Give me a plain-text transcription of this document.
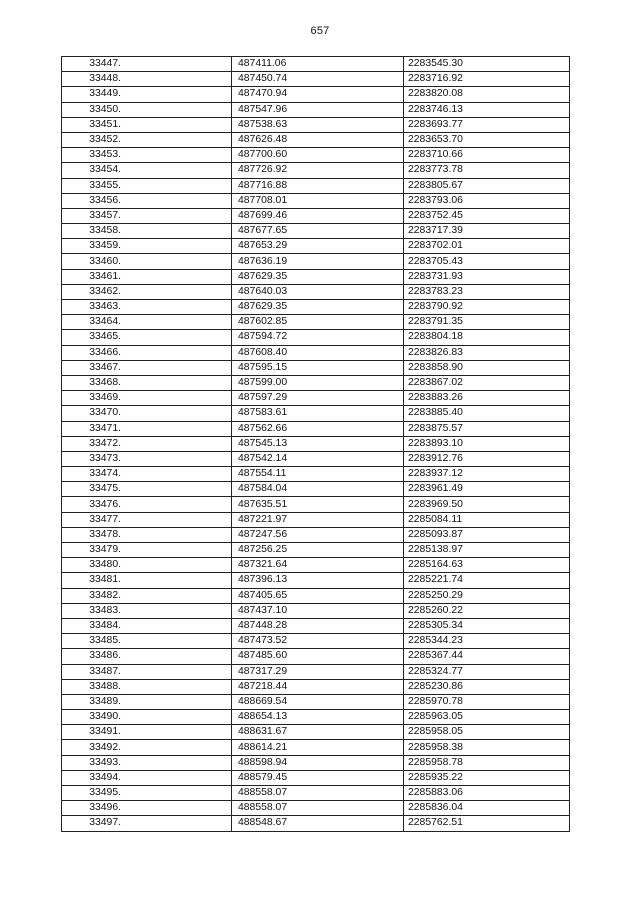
657
33447.	487411.06	2283545.30
33448.	487450.74	2283716.92
33449.	487470.94	2283820.08
33450.	487547.96	2283746.13
33451.	487538.63	2283693.77
33452.	487626.48	2283653.70
33453.	487700.60	2283710.66
33454.	487726.92	2283773.78
33455.	487716.88	2283805.67
33456.	487708.01	2283793.06
33457.	487699.46	2283752.45
33458.	487677.65	2283717.39
33459.	487653.29	2283702.01
33460.	487636.19	2283705.43
33461.	487629.35	2283731.93
33462.	487640.03	2283783.23
33463.	487629.35	2283790.92
33464.	487602.85	2283791.35
33465.	487594.72	2283804.18
33466.	487608.40	2283826.83
33467.	487595.15	2283858.90
33468.	487599.00	2283867.02
33469.	487597.29	2283883.26
33470.	487583.61	2283885.40
33471.	487562.66	2283875.57
33472.	487545.13	2283893.10
33473.	487542.14	2283912.76
33474.	487554.11	2283937.12
33475.	487584.04	2283961.49
33476.	487635.51	2283969.50
33477.	487221.97	2285084.11
33478.	487247.56	2285093.87
33479.	487256.25	2285138.97
33480.	487321.64	2285164.63
33481.	487396.13	2285221.74
33482.	487405.65	2285250.29
33483.	487437.10	2285260.22
33484.	487448.28	2285305.34
33485.	487473.52	2285344.23
33486.	487485.60	2285367.44
33487.	487317.29	2285324.77
33488.	487218.44	2285230.86
33489.	488669.54	2285970.78
33490.	488654.13	2285963.05
33491.	488631.67	2285958.05
33492.	488614.21	2285958.38
33493.	488598.94	2285958.78
33494.	488579.45	2285935.22
33495.	488558.07	2285883.06
33496.	488558.07	2285836.04
33497.	488548.67	2285762.51
